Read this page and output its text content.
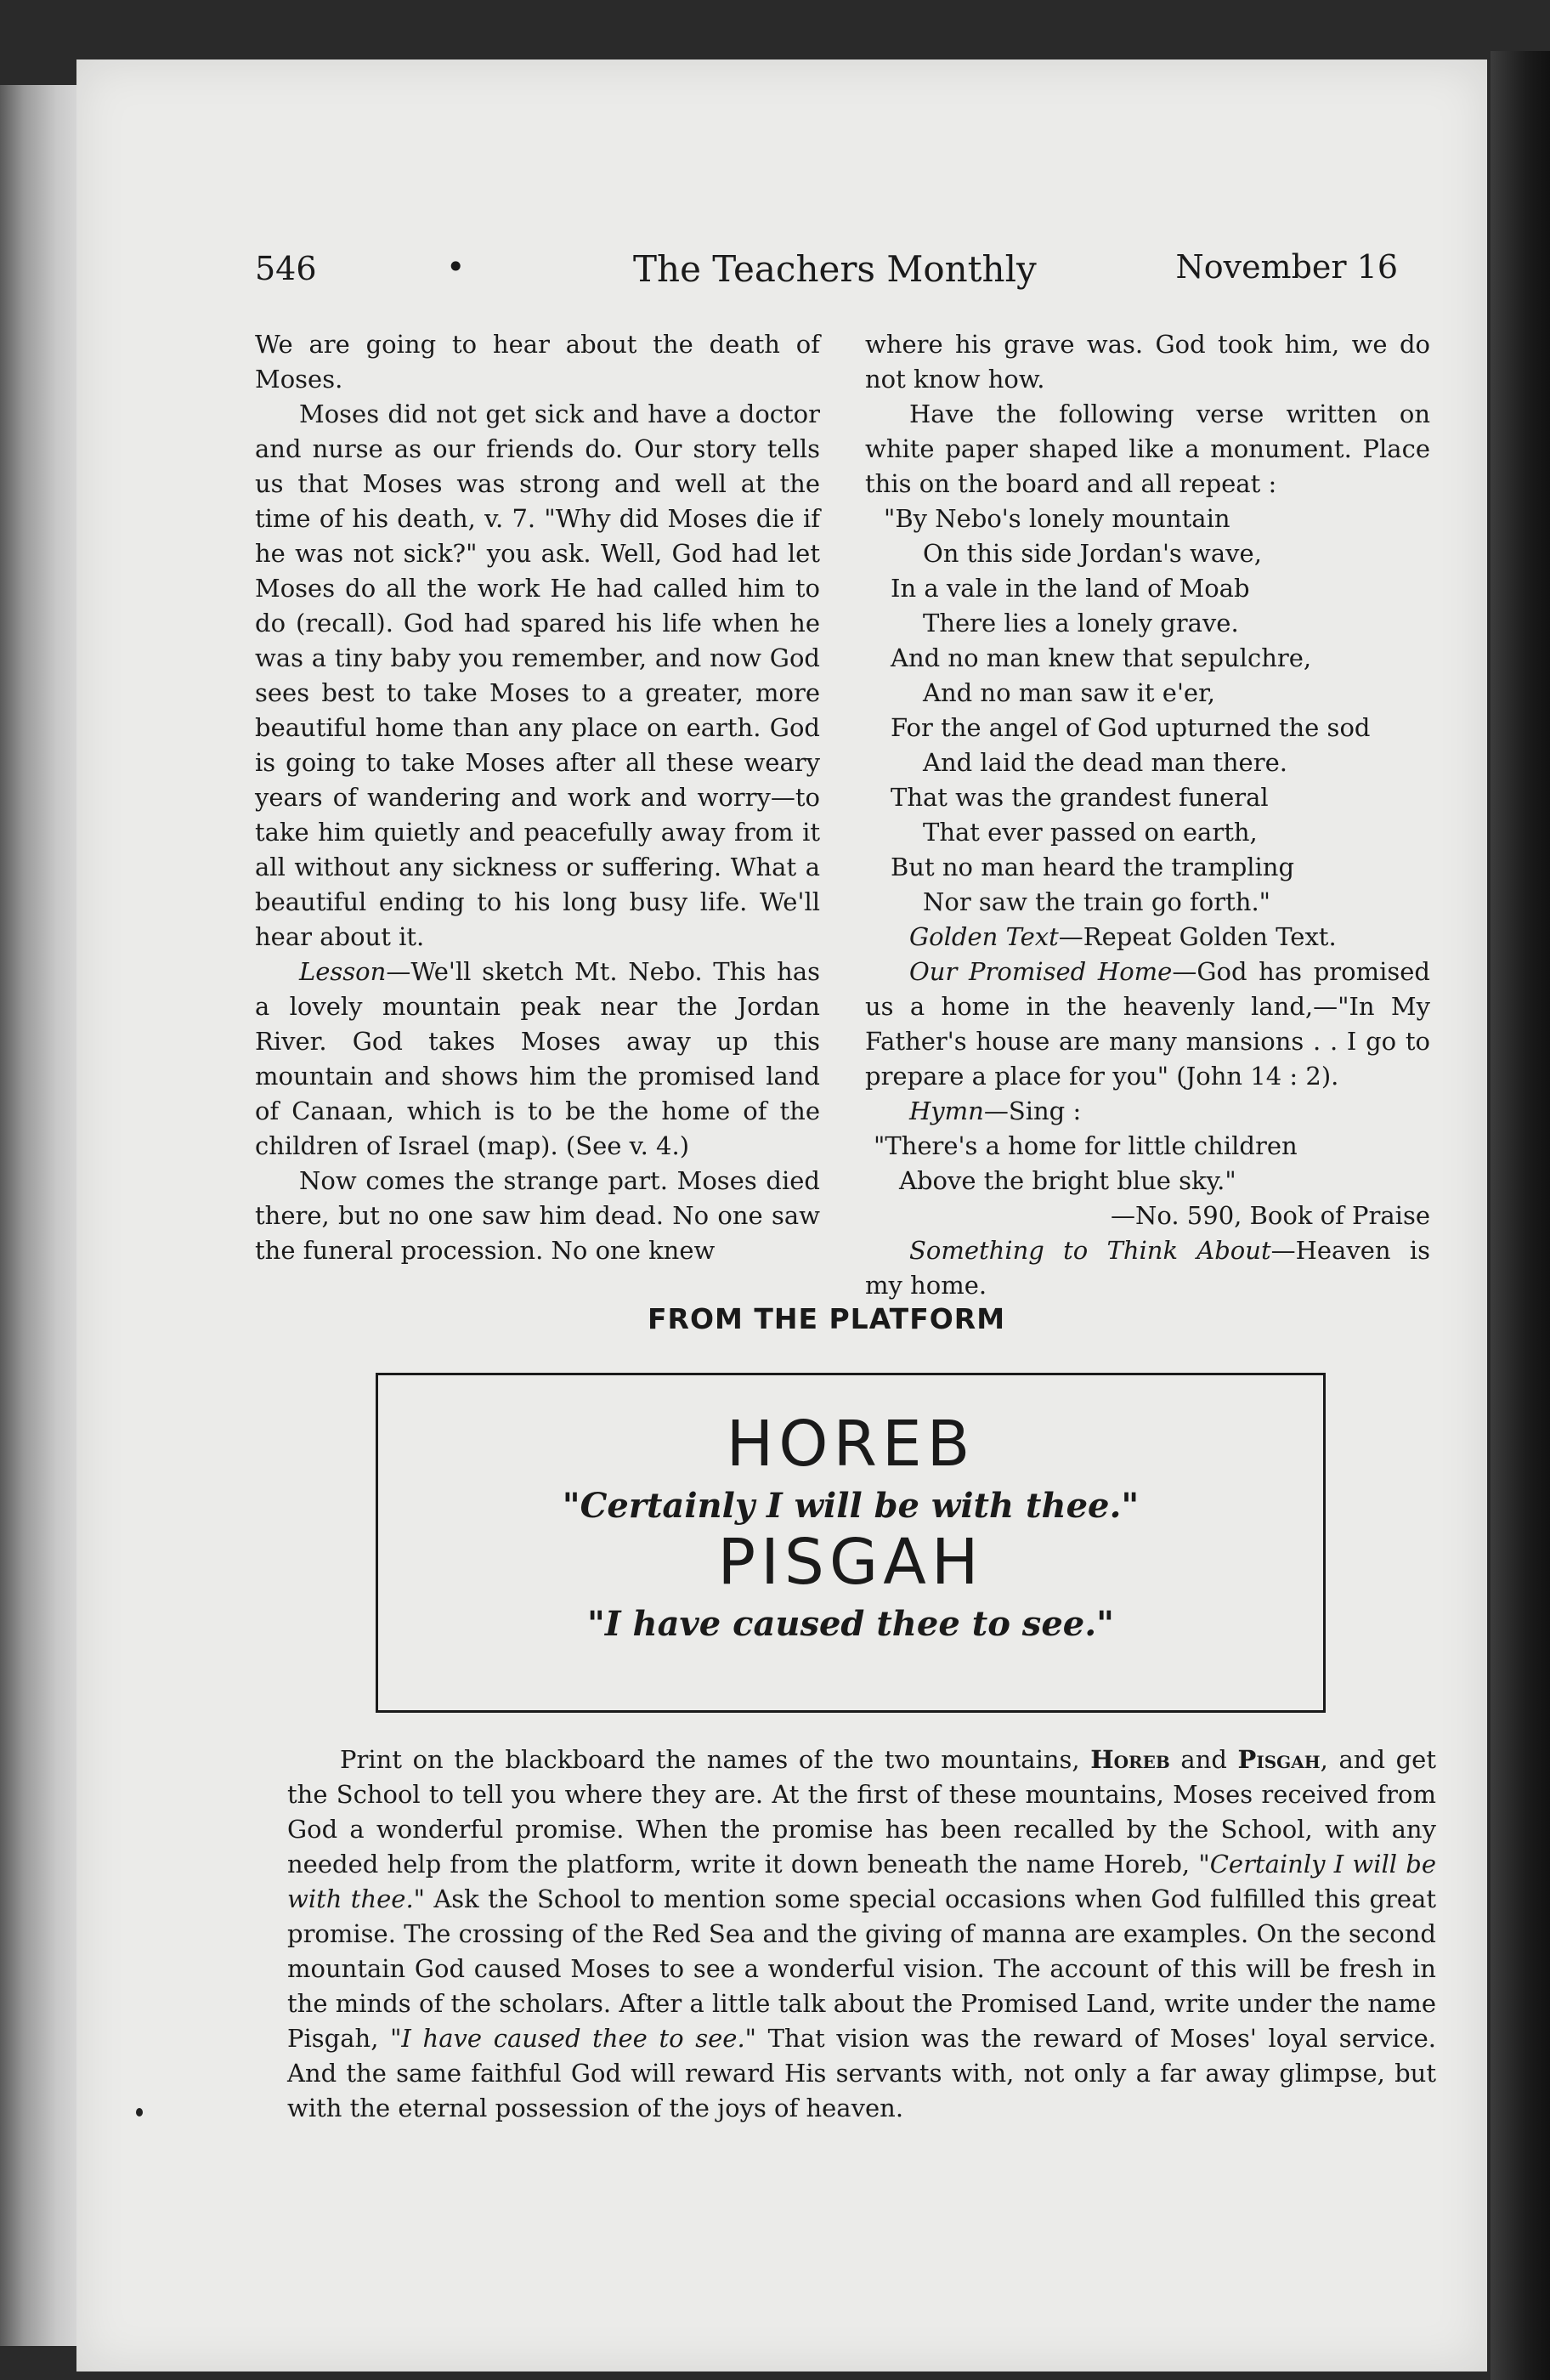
546	•	The Teachers Monthly	November 16

We are going to hear about the death of Moses.

Moses did not get sick and have a doctor and nurse as our friends do. Our story tells us that Moses was strong and well at the time of his death, v. 7. "Why did Moses die if he was not sick?" you ask. Well, God had let Moses do all the work He had called him to do (recall). God had spared his life when he was a tiny baby you remember, and now God sees best to take Moses to a greater, more beautiful home than any place on earth. God is going to take Moses after all these weary years of wandering and work and worry—to take him quietly and peacefully away from it all without any sickness or suffering. What a beautiful ending to his long busy life. We'll hear about it.

Lesson—We'll sketch Mt. Nebo. This has a lovely mountain peak near the Jordan River. God takes Moses away up this mountain and shows him the promised land of Canaan, which is to be the home of the children of Israel (map). (See v. 4.)

Now comes the strange part. Moses died there, but no one saw him dead. No one saw the funeral procession. No one knew

where his grave was. God took him, we do not know how.

Have the following verse written on white paper shaped like a monument. Place this on the board and all repeat :

"By Nebo's lonely mountain
On this side Jordan's wave,
In a vale in the land of Moab
There lies a lonely grave.
And no man knew that sepulchre,
And no man saw it e'er,
For the angel of God upturned the sod
And laid the dead man there.
That was the grandest funeral
That ever passed on earth,
But no man heard the trampling
Nor saw the train go forth."

Golden Text—Repeat Golden Text.

Our Promised Home—God has promised us a home in the heavenly land,—"In My Father's house are many mansions . . I go to prepare a place for you" (John 14 : 2).

Hymn—Sing :

"There's a home for little children
Above the bright blue sky."
—No. 590, Book of Praise

Something to Think About—Heaven is my home.

FROM THE PLATFORM

HOREB

"Certainly I will be with thee."

PISGAH

"I have caused thee to see."

Print on the blackboard the names of the two mountains, Horeb and Pisgah, and get the School to tell you where they are. At the first of these mountains, Moses received from God a wonderful promise. When the promise has been recalled by the School, with any needed help from the platform, write it down beneath the name Horeb, "Certainly I will be with thee." Ask the School to mention some special occasions when God fulfilled this great promise. The crossing of the Red Sea and the giving of manna are examples. On the second mountain God caused Moses to see a wonderful vision. The account of this will be fresh in the minds of the scholars. After a little talk about the Promised Land, write under the name Pisgah, "I have caused thee to see." That vision was the reward of Moses' loyal service. And the same faithful God will reward His servants with, not only a far away glimpse, but with the eternal possession of the joys of heaven.
